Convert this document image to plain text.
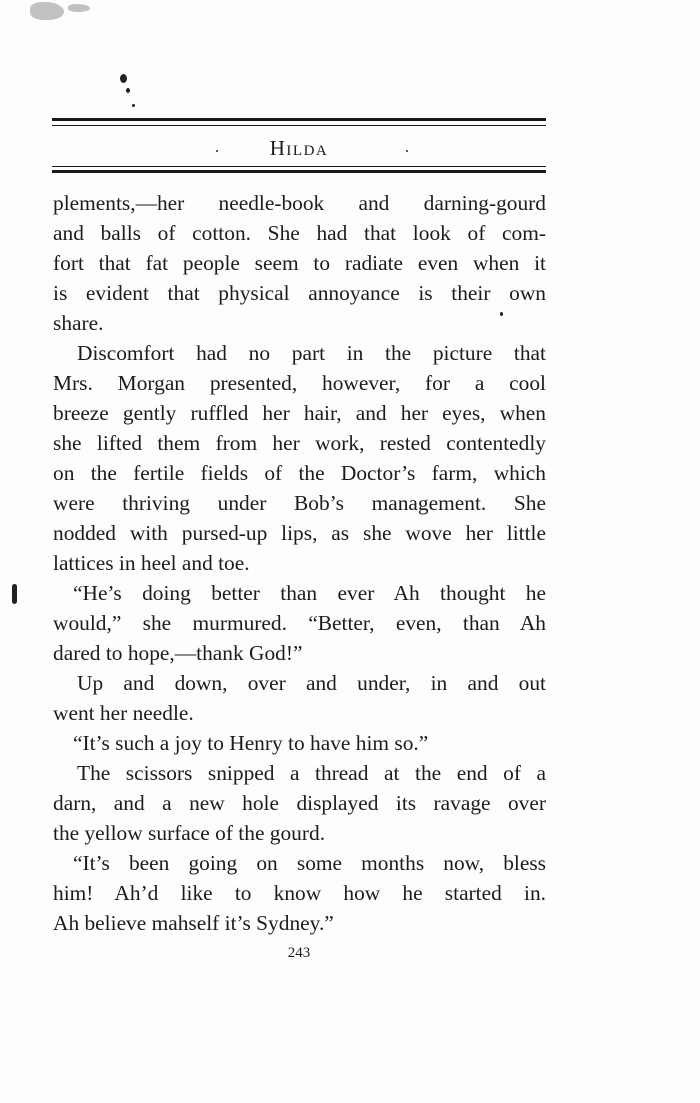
Hilda
plements,—her needle-book and darning-gourd
and balls of cotton. She had that look of com-
fort that fat people seem to radiate even when it
is evident that physical annoyance is their own
share.
Discomfort had no part in the picture that
Mrs. Morgan presented, however, for a cool
breeze gently ruffled her hair, and her eyes, when
she lifted them from her work, rested contentedly
on the fertile fields of the Doctor’s farm, which
were thriving under Bob’s management. She
nodded with pursed-up lips, as she wove her little
lattices in heel and toe.
“He’s doing better than ever Ah thought he
would,” she murmured. “Better, even, than Ah
dared to hope,—thank God!”
Up and down, over and under, in and out
went her needle.
“It’s such a joy to Henry to have him so.”
The scissors snipped a thread at the end of a
darn, and a new hole displayed its ravage over
the yellow surface of the gourd.
“It’s been going on some months now, bless
him! Ah’d like to know how he started in.
Ah believe mahself it’s Sydney.”
243
